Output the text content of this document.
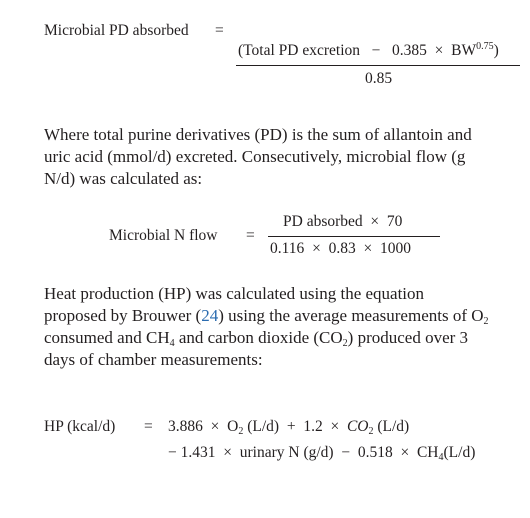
Microbial PD absorbed =
(Total PD excretion − $0.385 \times BW^{0.75}$)
0.85
Where total purine derivatives (PD) is the sum of allantoin and
uric acid (mmol/d) excreted. Consecutively, microbial flow (g
N/d) was calculated as:
Microbial N flow =
PD absorbed × 70
0.116 × 0.83 × 1000
Heat production (HP) was calculated using the equation
proposed by Brouwer (24) using the average measurements of $O_2$
consumed and $CH_4$ and carbon dioxide $(CO_2)$ produced over 3
days of chamber measurements:
HP (kcal/d) = $3.886 \times O_2$ $(L/d) + 1.2 \times CO_2$ (L/d)
− 1.431 × urinary N $(g/d) - 0.518 \times CH_4(L/d)$
